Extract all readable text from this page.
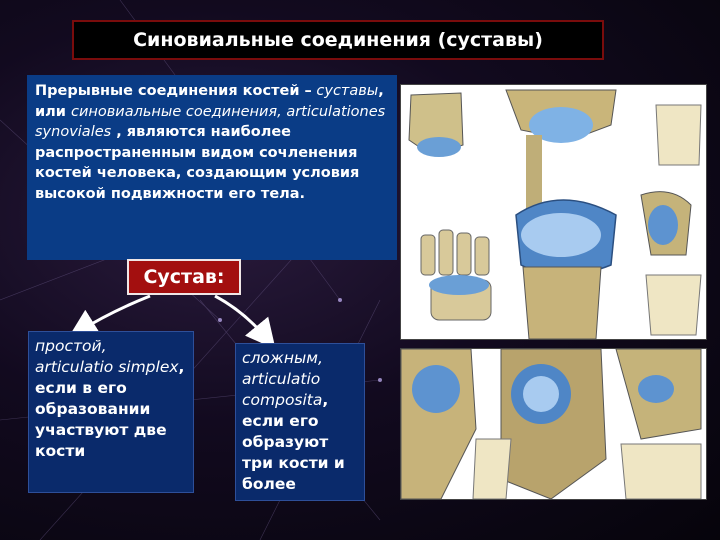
Синовиальные соединения (суставы)
Прерывные соединения костей – суставы, или синовиальные соединения, articulationes synoviales , являются наиболее распространенным видом сочленения костей человека, создающим условия высокой подвижности его тела.
Сустав:
простой, articulatio simplex, если в его образовании участвуют две кости
сложным, articulatio composita, если его образуют три кости и более
